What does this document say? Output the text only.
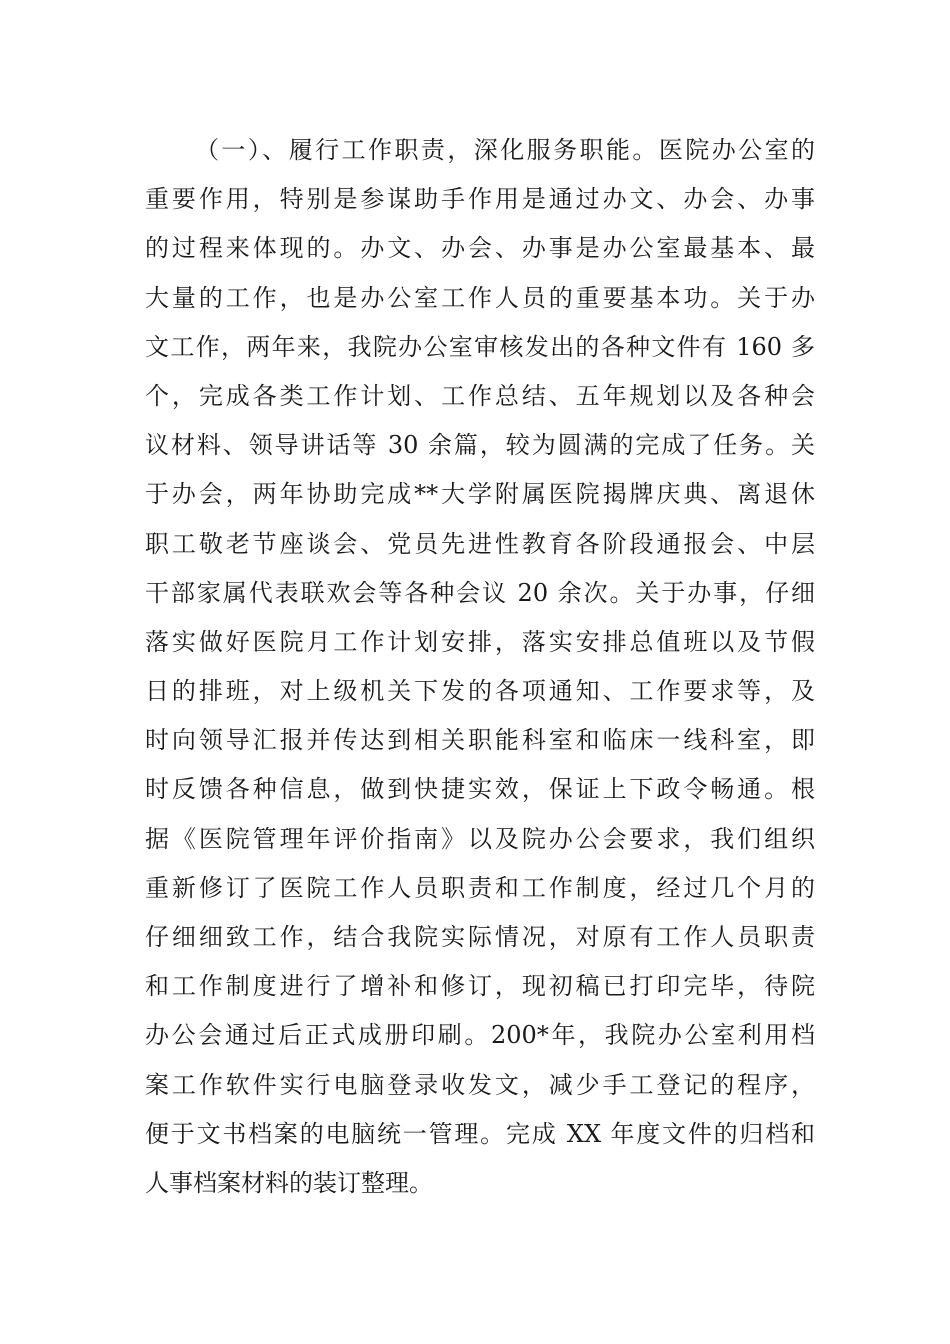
（一）、履行工作职责，深化服务职能。医院办公室的
重要作用，特别是参谋助手作用是通过办文、办会、办事
的过程来体现的。办文、办会、办事是办公室最基本、最
大量的工作，也是办公室工作人员的重要基本功。关于办
文工作，两年来，我院办公室审核发出的各种文件有 160 多
个，完成各类工作计划、工作总结、五年规划以及各种会
议材料、领导讲话等 30 余篇，较为圆满的完成了任务。关
于办会，两年协助完成**大学附属医院揭牌庆典、离退休
职工敬老节座谈会、党员先进性教育各阶段通报会、中层
干部家属代表联欢会等各种会议 20 余次。关于办事，仔细
落实做好医院月工作计划安排，落实安排总值班以及节假
日的排班，对上级机关下发的各项通知、工作要求等，及
时向领导汇报并传达到相关职能科室和临床一线科室，即
时反馈各种信息，做到快捷实效，保证上下政令畅通。根
据《医院管理年评价指南》以及院办公会要求，我们组织
重新修订了医院工作人员职责和工作制度，经过几个月的
仔细细致工作，结合我院实际情况，对原有工作人员职责
和工作制度进行了增补和修订，现初稿已打印完毕，待院
办公会通过后正式成册印刷。200*年，我院办公室利用档
案工作软件实行电脑登录收发文，减少手工登记的程序，
便于文书档案的电脑统一管理。完成 XX 年度文件的归档和
人事档案材料的装订整理。
